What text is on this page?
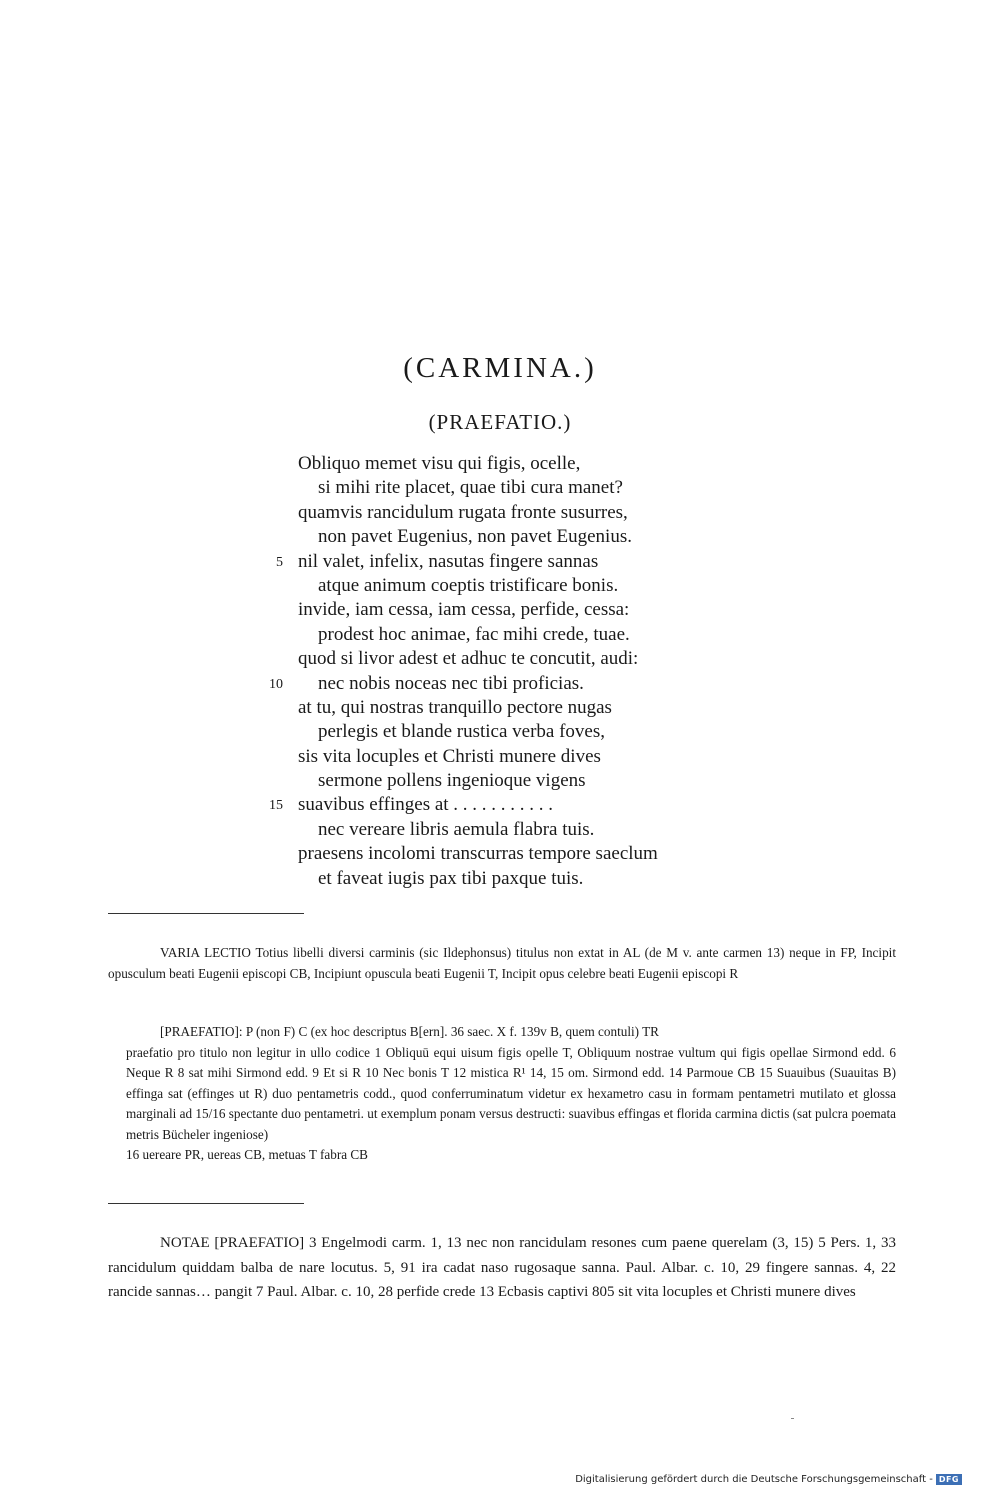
(CARMINA.)
(PRAEFATIO.)
Obliquo memet visu qui figis, ocelle,
si mihi rite placet, quae tibi cura manet?
quamvis rancidulum rugata fronte susurres,
non pavet Eugenius, non pavet Eugenius.
5 nil valet, infelix, nasutas fingere sannas
atque animum coeptis tristificare bonis.
invide, iam cessa, iam cessa, perfide, cessa:
prodest hoc animae, fac mihi crede, tuae.
quod si livor adest et adhuc te concutit, audi:
10 nec nobis noceas nec tibi proficias.
at tu, qui nostras tranquillo pectore nugas
perlegis et blande rustica verba foves,
sis vita locuples et Christi munere dives
sermone pollens ingenioque vigens
15 suavibus effinges at . . . . . . . . . . .
nec vereare libris aemula flabra tuis.
praesens incolomi transcurras tempore saeclum
et faveat iugis pax tibi paxque tuis.

VARIA LECTIO Totius libelli diversi carminis (sic Ildephonsus) titulus non extat in AL (de M v. ante carmen 13) neque in FP, Incipit opusculum beati Eugenii episcopi CB, Incipiunt opuscula beati Eugenii T, Incipit opus celebre beati Eugenii episcopi R

[PRAEFATIO]: P (non F) C (ex hoc descriptus B[ern]. 36 saec. X f. 139v B, quem contuli) TR

praefatio pro titulo non legitur in ullo codice 1 Obliquū equi uisum figis opelle T, Obliquum nostrae vultum qui figis opellae Sirmond edd. 6 Neque R 8 sat mihi Sirmond edd. 9 Et si R 10 Nec bonis T 12 mistica R¹ 14, 15 om. Sirmond edd. 14 Parmoue CB 15 Suauibus (Suauitas B) effinga sat (effinges ut R) duo pentametris codd., quod conferruminatum videtur ex hexametro casu in formam pentametri mutilato et glossa marginali ad 15/16 spectante duo pentametri. ut exemplum ponam versus destructi: suavibus effingas et florida carmina dictis (sat pulcra poemata metris Bücheler ingeniose)

16 uereare PR, uereas CB, metuas T fabra CB

NOTAE [PRAEFATIO] 3 Engelmodi carm. 1, 13 nec non rancidulam resones cum paene querelam (3, 15) 5 Pers. 1, 33 rancidulum quiddam balba de nare locutus. 5, 91 ira cadat naso rugosaque sanna. Paul. Albar. c. 10, 29 fingere sannas. 4, 22 rancide sannas… pangit 7 Paul. Albar. c. 10, 28 perfide crede 13 Ecbasis captivi 805 sit vita locuples et Christi munere dives

Digitalisierung gefördert durch die Deutsche Forschungsgemeinschaft - DFG
